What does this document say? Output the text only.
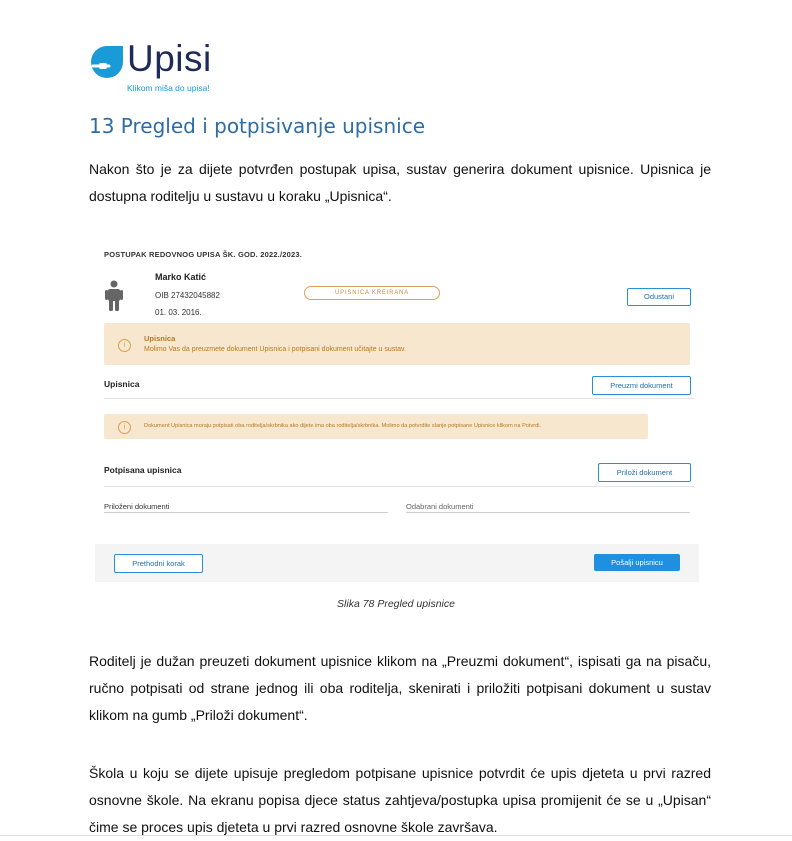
Upisi
Klikom miša do upisa!
13 Pregled i potpisivanje upisnice
Nakon što je za dijete potvrđen postupak upisa, sustav generira dokument upisnice. Upisnica je dostupna roditelju u sustavu u koraku „Upisnica“.
POSTUPAK REDOVNOG UPISA ŠK. GOD. 2022./2023.
Marko Katić
OIB 27432045882
01. 03. 2016.
UPISNICA KREIRANA	Odustani
i
Upisnica
Molimo Vas da preuzmete dokument Upisnica i potpisani dokument učitajte u sustav.
Upisnica	Preuzmi dokument
i	Dokument Upisnica moraju potpisati oba roditelja/skrbnika ako dijete ima oba roditelja/skrbnika. Molimo da potvrdite slanje potpisane Upisnice klikom na Potvrdi.
Potpisana upisnica	Priloži dokument
Priloženi dokumenti	Odabrani dokumenti
Prethodni korak	Pošalji upisnicu
Slika 78 Pregled upisnice
Roditelj je dužan preuzeti dokument upisnice klikom na „Preuzmi dokument“, ispisati ga na pisaču, ručno potpisati od strane jednog ili oba roditelja, skenirati i priložiti potpisani dokument u sustav klikom na gumb „Priloži dokument“.
Škola u koju se dijete upisuje pregledom potpisane upisnice potvrdit će upis djeteta u prvi razred osnovne škole. Na ekranu popisa djece status zahtjeva/postupka upisa promijenit će se u „Upisan“ čime se proces upis djeteta u prvi razred osnovne škole završava.
